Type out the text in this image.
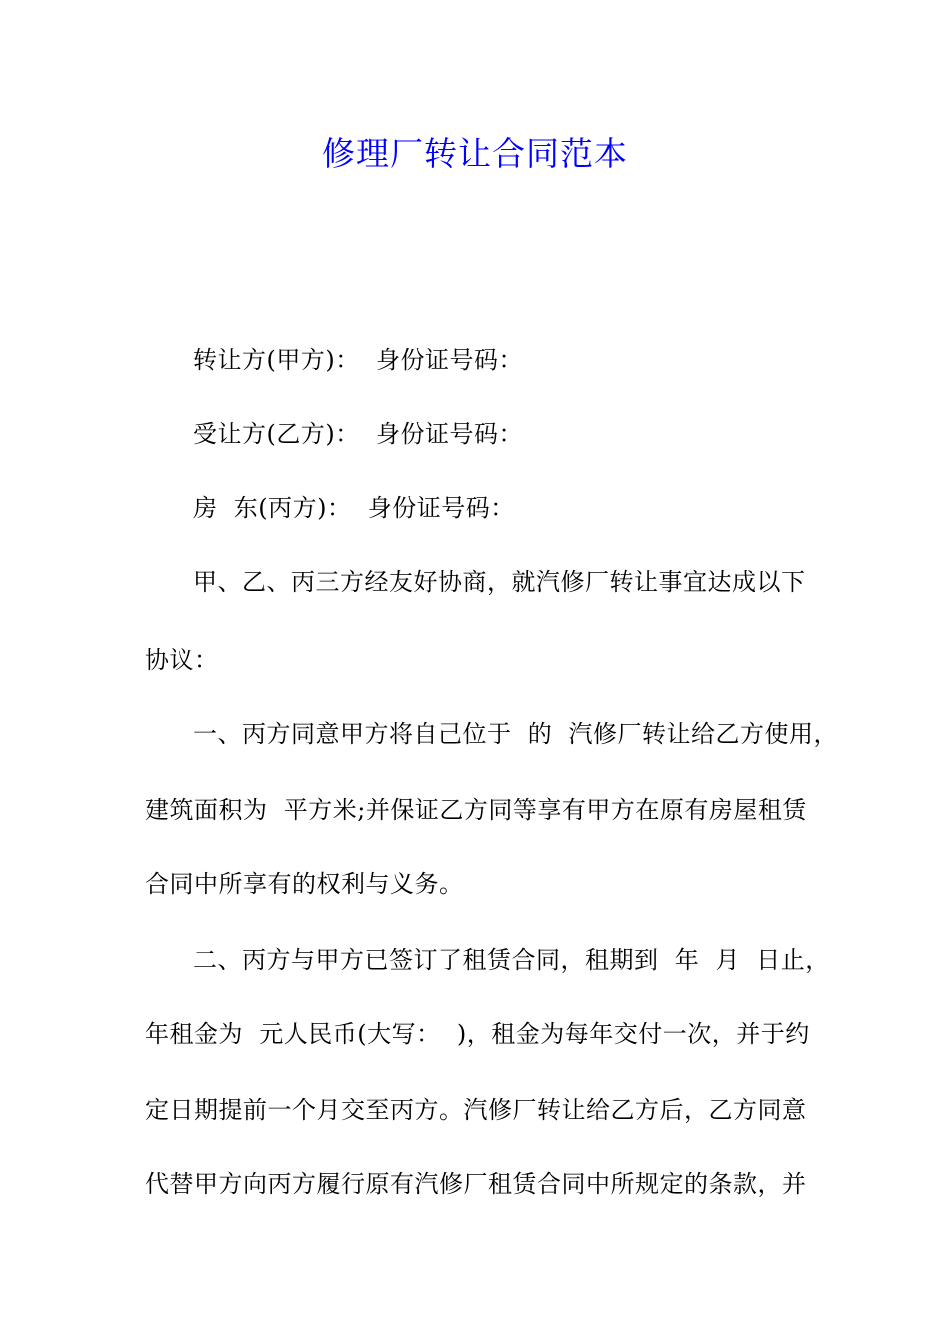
修理厂转让合同范本
转让方(甲方)：  身份证号码：
受让方(乙方)：  身份证号码：
房  东(丙方)：  身份证号码：
甲、乙、丙三方经友好协商，就汽修厂转让事宜达成以下
协议：
一、丙方同意甲方将自己位于  的  汽修厂转让给乙方使用，
建筑面积为  平方米;并保证乙方同等享有甲方在原有房屋租赁
合同中所享有的权利与义务。
二、丙方与甲方已签订了租赁合同，租期到  年  月  日止，
年租金为  元人民币(大写：  )，租金为每年交付一次，并于约
定日期提前一个月交至丙方。汽修厂转让给乙方后，乙方同意
代替甲方向丙方履行原有汽修厂租赁合同中所规定的条款，并
